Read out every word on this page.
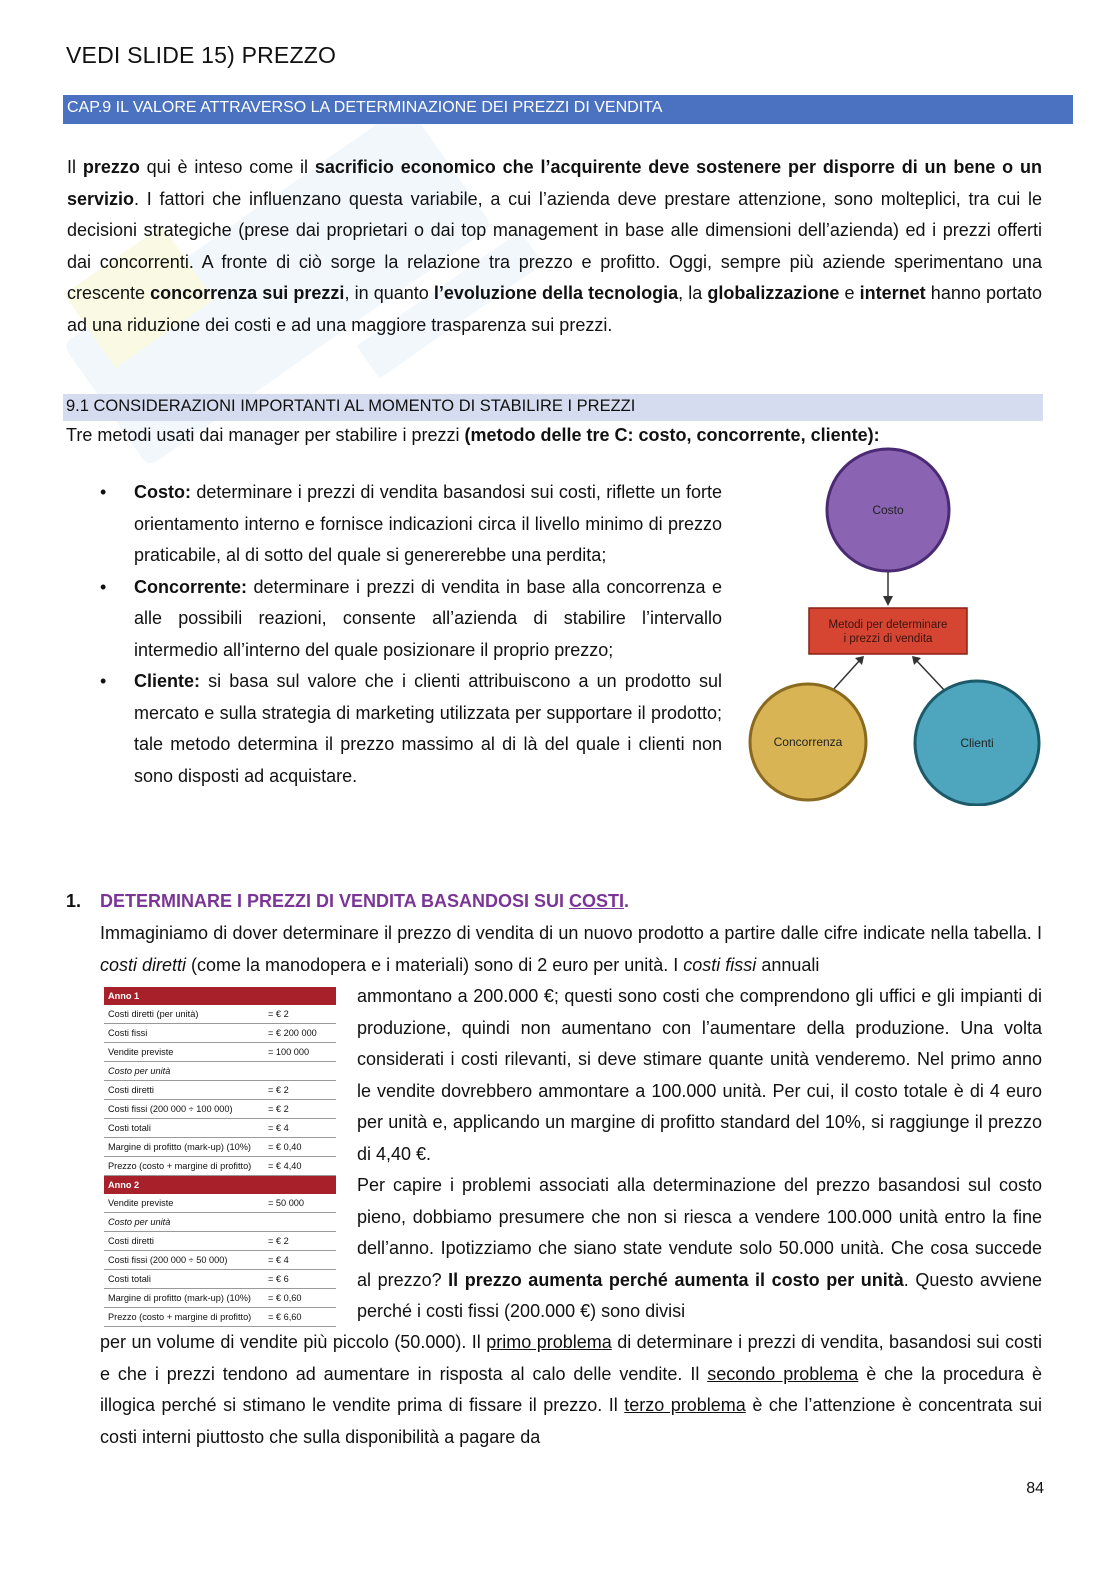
VEDI SLIDE 15) PREZZO
CAP.9 IL VALORE ATTRAVERSO LA DETERMINAZIONE DEI PREZZI DI VENDITA
Il prezzo qui è inteso come il sacrificio economico che l’acquirente deve sostenere per disporre di un bene o un servizio. I fattori che influenzano questa variabile, a cui l’azienda deve prestare attenzione, sono molteplici, tra cui le decisioni strategiche (prese dai proprietari o dai top management in base alle dimensioni dell’azienda) ed i prezzi offerti dai concorrenti. A fronte di ciò sorge la relazione tra prezzo e profitto. Oggi, sempre più aziende sperimentano una crescente concorrenza sui prezzi, in quanto l’evoluzione della tecnologia, la globalizzazione e internet hanno portato ad una riduzione dei costi e ad una maggiore trasparenza sui prezzi.
9.1 CONSIDERAZIONI IMPORTANTI AL MOMENTO DI STABILIRE I PREZZI
Tre metodi usati dai manager per stabilire i prezzi (metodo delle tre C: costo, concorrente, cliente):
• Costo: determinare i prezzi di vendita basandosi sui costi, riflette un forte orientamento interno e fornisce indicazioni circa il livello minimo di prezzo praticabile, al di sotto del quale si genererebbe una perdita;
• Concorrente: determinare i prezzi di vendita in base alla concorrenza e alle possibili reazioni, consente all’azienda di stabilire l’intervallo intermedio all’interno del quale posizionare il proprio prezzo;
• Cliente: si basa sul valore che i clienti attribuiscono a un prodotto sul mercato e sulla strategia di marketing utilizzata per supportare il prodotto; tale metodo determina il prezzo massimo al di là del quale i clienti non sono disposti ad acquistare.
Costo
Metodi per determinare
i prezzi di vendita
Concorrenza	Clienti
1. DETERMINARE I PREZZI DI VENDITA BASANDOSI SUI COSTI.
Immaginiamo di dover determinare il prezzo di vendita di un nuovo prodotto a partire dalle cifre indicate nella tabella. I costi diretti (come la manodopera e i materiali) sono di 2 euro per unità. I costi fissi annuali
Anno 1	
Costi diretti (per unità)	= € 2
Costi fissi	= € 200 000
Vendite previste	= 100 000
Costo per unità	
Costi diretti	= € 2
Costi fissi (200 000 ÷ 100 000)	= € 2
Costi totali	= € 4
Margine di profitto (mark-up) (10%)	= € 0,40
Prezzo (costo + margine di profitto)	= € 4,40
Anno 2	
Vendite previste	= 50 000
Costo per unità	
Costi diretti	= € 2
Costi fissi (200 000 ÷ 50 000)	= € 4
Costi totali	= € 6
Margine di profitto (mark-up) (10%)	= € 0,60
Prezzo (costo + margine di profitto)	= € 6,60
ammontano a 200.000 €; questi sono costi che comprendono gli uffici e gli impianti di produzione, quindi non aumentano con l’aumentare della produzione. Una volta considerati i costi rilevanti, si deve stimare quante unità venderemo. Nel primo anno le vendite dovrebbero ammontare a 100.000 unità. Per cui, il costo totale è di 4 euro per unità e, applicando un margine di profitto standard del 10%, si raggiunge il prezzo di 4,40 €.
Per capire i problemi associati alla determinazione del prezzo basandosi sul costo pieno, dobbiamo presumere che non si riesca a vendere 100.000 unità entro la fine dell’anno. Ipotizziamo che siano state vendute solo 50.000 unità. Che cosa succede al prezzo? Il prezzo aumenta perché aumenta il costo per unità. Questo avviene perché i costi fissi (200.000 €) sono divisi
per un volume di vendite più piccolo (50.000). Il primo problema di determinare i prezzi di vendita, basandosi sui costi e che i prezzi tendono ad aumentare in risposta al calo delle vendite. Il secondo problema è che la procedura è illogica perché si stimano le vendite prima di fissare il prezzo. Il terzo problema è che l’attenzione è concentrata sui costi interni piuttosto che sulla disponibilità a pagare da
84
